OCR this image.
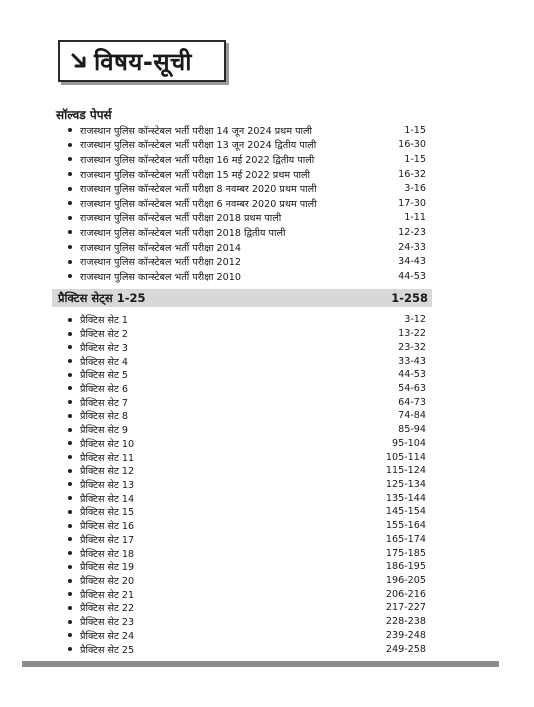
विषय-सूची
सॉल्वड पेपर्स
राजस्थान पुलिस कॉन्स्टेबल भर्ती परीक्षा 14 जून 2024 प्रथम पाली	1-15
राजस्थान पुलिस कॉन्स्टेबल भर्ती परीक्षा 13 जून 2024 द्वितीय पाली	16-30
राजस्थान पुलिस कॉन्स्टेबल भर्ती परीक्षा 16 मई 2022 द्वितीय पाली	1-15
राजस्थान पुलिस कॉन्स्टेबल भर्ती परीक्षा 15 मई 2022 प्रथम पाली	16-32
राजस्थान पुलिस कॉन्स्टेबल भर्ती परीक्षा 8 नवम्बर 2020 प्रथम पाली	3-16
राजस्थान पुलिस कॉन्स्टेबल भर्ती परीक्षा 6 नवम्बर 2020 प्रथम पाली	17-30
राजस्थान पुलिस कॉन्स्टेबल भर्ती परीक्षा 2018 प्रथम पाली	1-11
राजस्थान पुलिस कॉन्स्टेबल भर्ती परीक्षा 2018 द्वितीय पाली	12-23
राजस्थान पुलिस कॉन्स्टेबल भर्ती परीक्षा 2014	24-33
राजस्थान पुलिस कॉन्स्टेबल भर्ती परीक्षा 2012	34-43
राजस्थान पुलिस कान्स्टेबल भर्ती परीक्षा 2010	44-53
प्रैक्टिस सेट्स 1-25	1-258
प्रैक्टिस सेट 1	3-12
प्रैक्टिस सेट 2	13-22
प्रैक्टिस सेट 3	23-32
प्रैक्टिस सेट 4	33-43
प्रैक्टिस सेट 5	44-53
प्रैक्टिस सेट 6	54-63
प्रैक्टिस सेट 7	64-73
प्रैक्टिस सेट 8	74-84
प्रैक्टिस सेट 9	85-94
प्रैक्टिस सेट 10	95-104
प्रैक्टिस सेट 11	105-114
प्रैक्टिस सेट 12	115-124
प्रैक्टिस सेट 13	125-134
प्रैक्टिस सेट 14	135-144
प्रैक्टिस सेट 15	145-154
प्रैक्टिस सेट 16	155-164
प्रैक्टिस सेट 17	165-174
प्रैक्टिस सेट 18	175-185
प्रैक्टिस सेट 19	186-195
प्रैक्टिस सेट 20	196-205
प्रैक्टिस सेट 21	206-216
प्रैक्टिस सेट 22	217-227
प्रैक्टिस सेट 23	228-238
प्रैक्टिस सेट 24	239-248
प्रैक्टिस सेट 25	249-258
